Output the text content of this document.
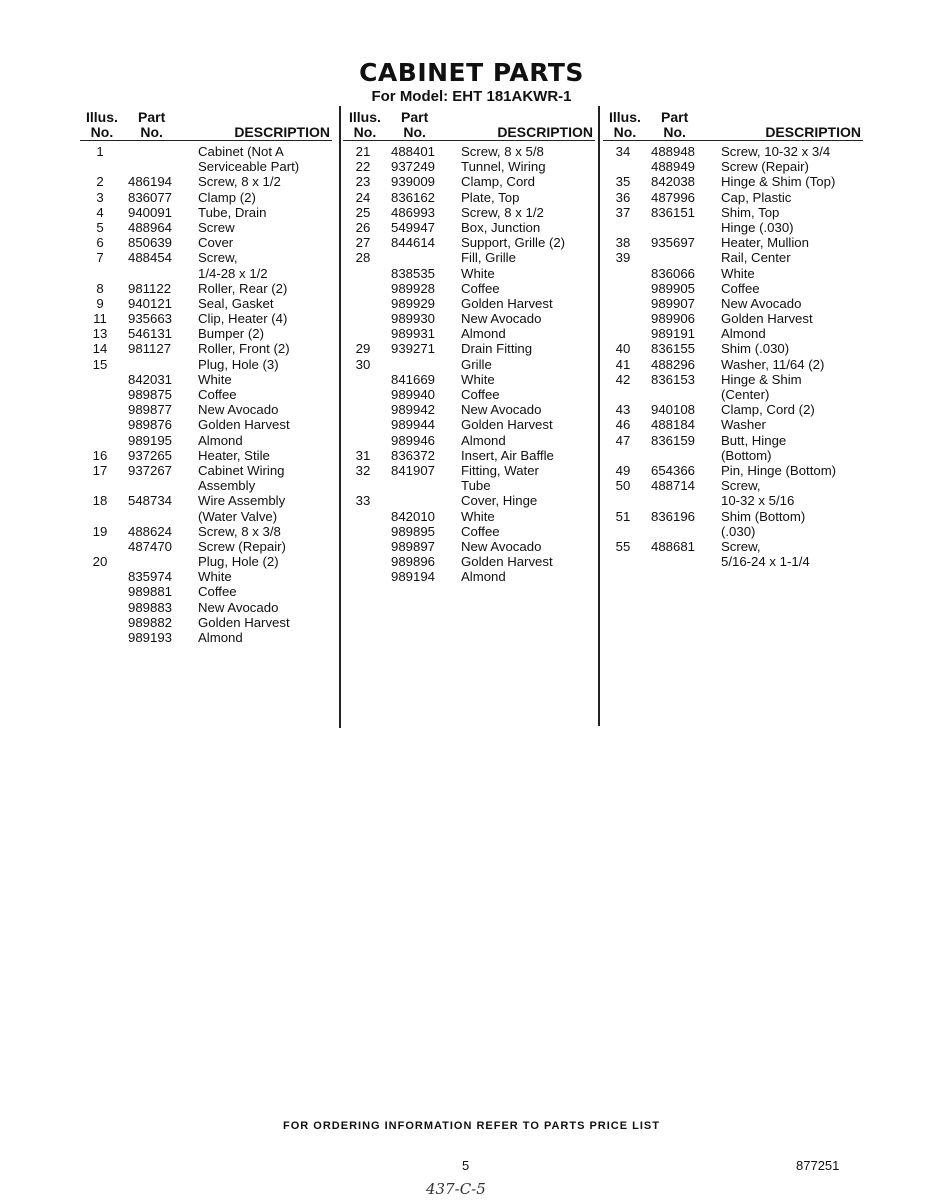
CABINET PARTS
For Model: EHT 181AKWR-1
Illus.
No.
Part
No.	DESCRIPTION
1	Cabinet (Not A
Serviceable Part)
2	486194 Screw, 8 x 1/2
3	836077 Clamp (2)
4	940091 Tube, Drain
5	488964 Screw
6	850639 Cover
7	488454 Screw,
1/4-28 x 1/2
8	981122 Roller, Rear (2)
9	940121 Seal, Gasket
11	935663 Clip, Heater (4)
13	546131 Bumper (2)
14	981127 Roller, Front (2)
15	Plug, Hole (3)
842031 White
989875 Coffee
989877 New Avocado
989876 Golden Harvest
989195 Almond
16	937265 Heater, Stile
17	937267 Cabinet Wiring
Assembly
18	548734 Wire Assembly
(Water Valve)
19	488624 Screw, 8 x 3/8
487470 Screw (Repair)
20	Plug, Hole (2)
835974 White
989881 Coffee
989883 New Avocado
989882 Golden Harvest
989193 Almond
Illus.
No.
Part
No.	DESCRIPTION
21	488401 Screw, 8 x 5/8
22	937249 Tunnel, Wiring
23	939009 Clamp, Cord
24	836162 Plate, Top
25	486993 Screw, 8 x 1/2
26	549947 Box, Junction
27	844614 Support, Grille (2)
28	Fill, Grille
838535 White
989928 Coffee
989929 Golden Harvest
989930 New Avocado
989931 Almond
29	939271 Drain Fitting
30	Grille
841669 White
989940 Coffee
989942 New Avocado
989944 Golden Harvest
989946 Almond
31	836372 Insert, Air Baffle
32	841907 Fitting, Water
Tube
33	Cover, Hinge
842010 White
989895 Coffee
989897 New Avocado
989896 Golden Harvest
989194 Almond
Illus.
No.
Part
No.	DESCRIPTION
34	488948 Screw, 10-32 x 3/4
488949 Screw (Repair)
35	842038 Hinge & Shim (Top)
36	487996 Cap, Plastic
37	836151 Shim, Top
Hinge (.030)
38	935697 Heater, Mullion
39	Rail, Center
836066 White
989905 Coffee
989907 New Avocado
989906 Golden Harvest
989191 Almond
40	836155 Shim (.030)
41	488296 Washer, 11/64 (2)
42	836153 Hinge & Shim
(Center)
43	940108 Clamp, Cord (2)
46	488184 Washer
47	836159 Butt, Hinge
(Bottom)
49	654366 Pin, Hinge (Bottom)
50	488714 Screw,
10-32 x 5/16
51	836196 Shim (Bottom)
(.030)
55	488681 Screw,
5/16-24 x 1-1/4
FOR ORDERING INFORMATION REFER TO PARTS PRICE LIST
5	877251
437-C-5
